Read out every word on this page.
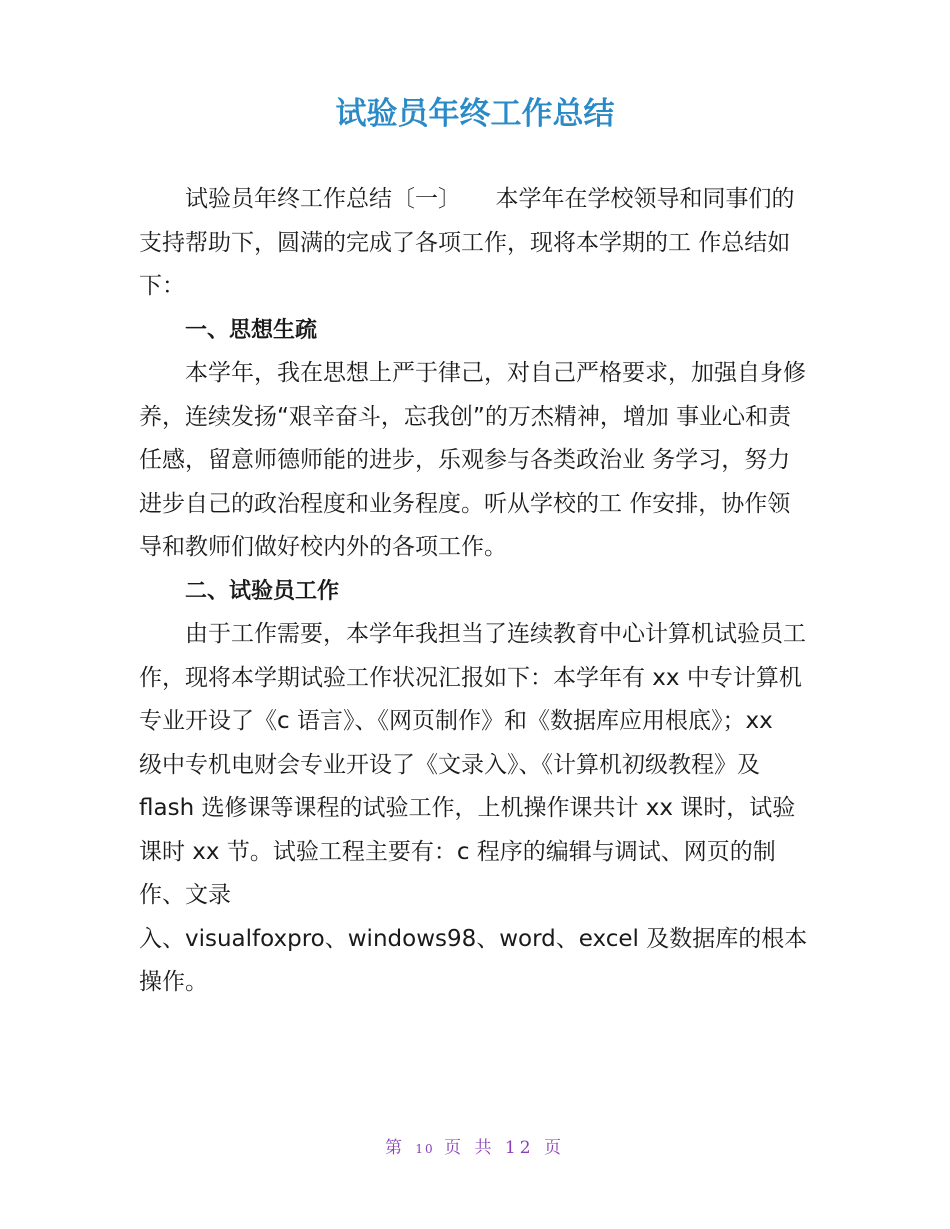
试验员年终工作总结

试验员年终工作总结〔一〕　　本学年在学校领导和同事们的支持帮助下，圆满的完成了各项工作，现将本学期的工 作总结如下：

一、思想生疏

本学年，我在思想上严于律己，对自己严格要求，加强自身修养，连续发扬“艰辛奋斗，忘我创”的万杰精神，增加 事业心和责任感，留意师德师能的进步，乐观参与各类政治业 务学习，努力进步自己的政治程度和业务程度。听从学校的工 作安排，协作领导和教师们做好校内外的各项工作。

二、试验员工作

由于工作需要，本学年我担当了连续教育中心计算机试验员工作，现将本学期试验工作状况汇报如下：本学年有 xx 中专计算机专业开设了《c 语言》、《网页制作》和《数据库应用根底》；xx　级中专机电财会专业开设了《文录入》、《计算机初级教程》及 flash 选修课等课程的试验工作，上机操作课共计 xx 课时，试验课时 xx 节。试验工程主要有：c 程序的编辑与调试、网页的制作、文录

入、visualfoxpro、windows98、word、excel 及数据库的根本操作。

第 10 页 共 12 页
